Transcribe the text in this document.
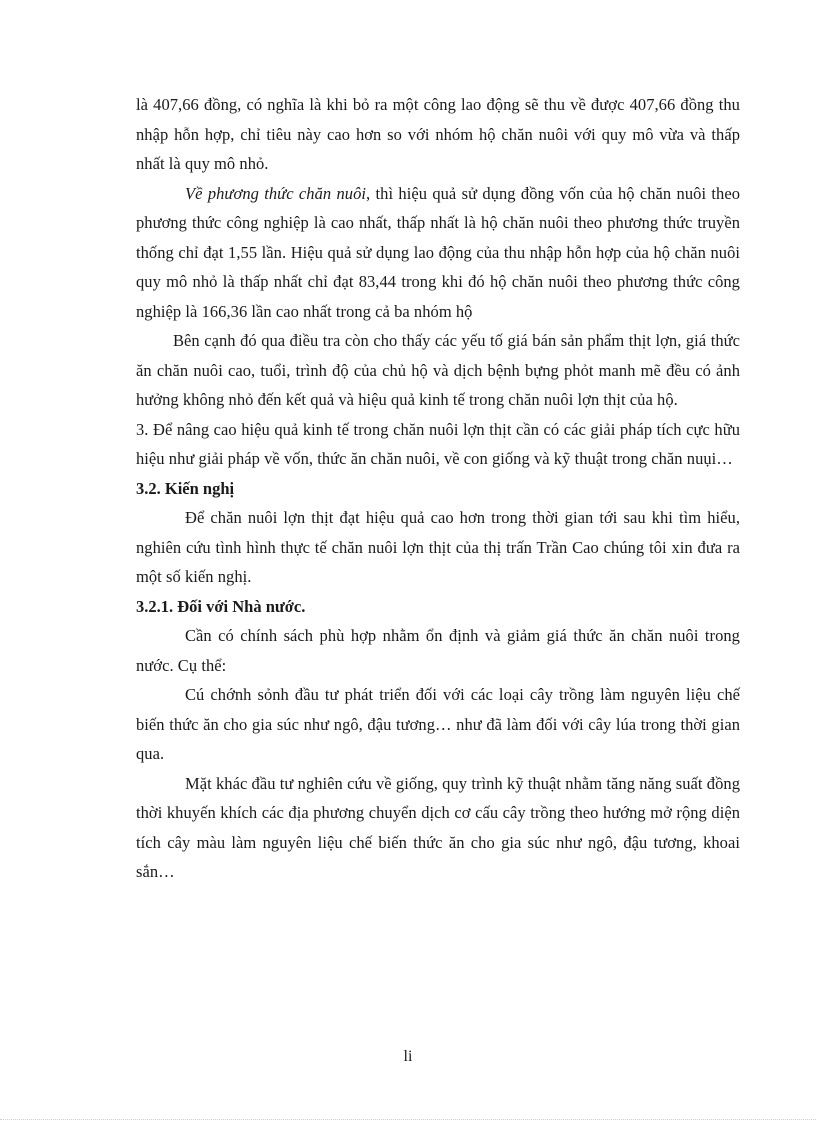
là 407,66 đồng, có nghĩa là khi bỏ ra một công lao động sẽ thu về được 407,66 đồng thu nhập hỗn hợp, chỉ tiêu này cao hơn so với nhóm hộ chăn nuôi với quy mô vừa và thấp nhất là quy mô nhỏ.

Về phương thức chăn nuôi, thì hiệu quả sử dụng đồng vốn của hộ chăn nuôi theo phương thức công nghiệp là cao nhất, thấp nhất là hộ chăn nuôi theo phương thức truyền thống chỉ đạt 1,55 lần. Hiệu quả sử dụng lao động của thu nhập hỗn hợp của hộ chăn nuôi quy mô nhỏ là thấp nhất chỉ đạt 83,44 trong khi đó hộ chăn nuôi theo phương thức công nghiệp là 166,36 lần cao nhất trong cả ba nhóm hộ

Bên cạnh đó qua điều tra còn cho thấy các yếu tố giá bán sản phẩm thịt lợn, giá thức ăn chăn nuôi cao, tuổi, trình độ của chủ hộ và dịch bệnh bựng phỏt manh mẽ đều có ảnh hưởng không nhỏ đến kết quả và hiệu quả kinh tế trong chăn nuôi lợn thịt của hộ.

3. Để nâng cao hiệu quả kinh tế trong chăn nuôi lợn thịt cần có các giải pháp tích cực hữu hiệu như giải pháp về vốn, thức ăn chăn nuôi, về con giống và kỹ thuật trong chăn nuụi…

3.2. Kiến nghị

Để chăn nuôi lợn thịt đạt hiệu quả cao hơn trong thời gian tới sau khi tìm hiểu, nghiên cứu tình hình thực tế chăn nuôi lợn thịt của thị trấn Trần Cao chúng tôi xin đưa ra một số kiến nghị.

3.2.1. Đối với Nhà nước.

Cần có chính sách phù hợp nhằm ổn định và giảm giá thức ăn chăn nuôi trong nước. Cụ thể:

Cú chớnh sỏnh đầu tư phát triển đối với các loại cây trồng làm nguyên liệu chế biến thức ăn cho gia súc như ngô, đậu tương… như đã làm đối với cây lúa trong thời gian qua.

Mặt khác đầu tư nghiên cứu về giống, quy trình kỹ thuật nhằm tăng năng suất đồng thời khuyến khích các địa phương chuyển dịch cơ cấu cây trồng theo hướng mở rộng diện tích cây màu làm nguyên liệu chế biến thức ăn cho gia súc như ngô, đậu tương, khoai sắn…

li
